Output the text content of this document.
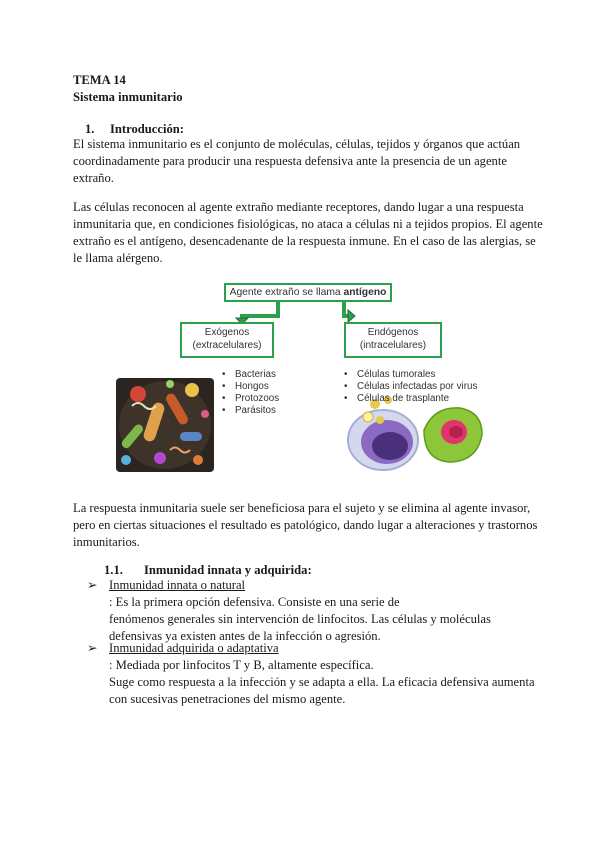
TEMA 14
Sistema inmunitario
1. Introducción:
El sistema inmunitario es el conjunto de moléculas, células, tejidos y órganos que actúan
coordinadamente para producir una respuesta defensiva ante la presencia de un agente
extraño.
Las células reconocen al agente extraño mediante receptores, dando lugar a una respuesta
inmunitaria que, en condiciones fisiológicas, no ataca a células ni a tejidos propios. El agente
extraño es el antígeno, desencadenante de la respuesta inmune. En el caso de las alergias, se
le llama alérgeno.
Agente extraño se llama antígeno
Exógenos
(extracelulares)
Endógenos
(intracelulares)
• Bacterias
• Hongos
• Protozoos
• Parásitos
• Células tumorales
• Células infectadas por virus
• Células de trasplante
La respuesta inmunitaria suele ser beneficiosa para el sujeto y se elimina al agente invasor,
pero en ciertas situaciones el resultado es patológico, dando lugar a alteraciones y trastornos
inmunitarios.
1.1. Inmunidad innata y adquirida:
➢ Inmunidad innata o natural
: Es la primera opción defensiva. Consiste en una serie de
fenómenos generales sin intervención de linfocitos. Las células y moléculas
defensivas ya existen antes de la infección o agresión.
➢ Inmunidad adquirida o adaptativa
: Mediada por linfocitos T y B, altamente específica.
Suge como respuesta a la infección y se adapta a ella. La eficacia defensiva aumenta
con sucesivas penetraciones del mismo agente.
